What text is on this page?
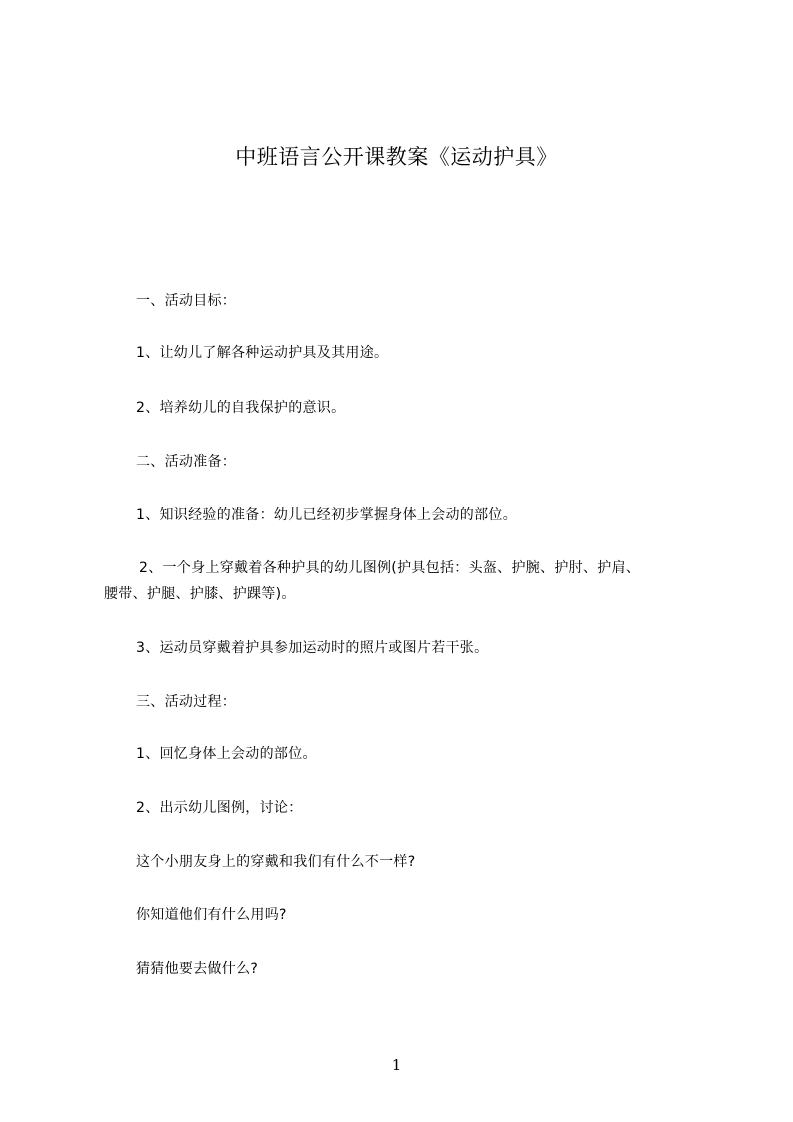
中班语言公开课教案《运动护具》
一、活动目标：
1、让幼儿了解各种运动护具及其用途。
2、培养幼儿的自我保护的意识。
二、活动准备：
1、知识经验的准备：幼儿已经初步掌握身体上会动的部位。
2、一个身上穿戴着各种护具的幼儿图例(护具包括：头盔、护腕、护肘、护肩、
腰带、护腿、护膝、护踝等)。
3、运动员穿戴着护具参加运动时的照片或图片若干张。
三、活动过程：
1、回忆身体上会动的部位。
2、出示幼儿图例，讨论：
这个小朋友身上的穿戴和我们有什么不一样?
你知道他们有什么用吗?
猜猜他要去做什么?
1
